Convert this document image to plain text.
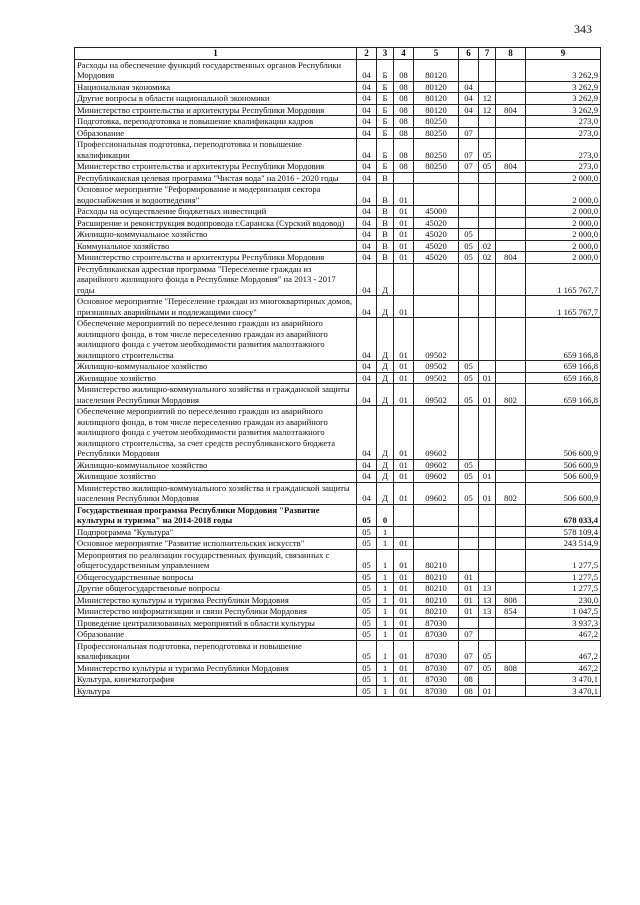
343
1	2	3	4	5	6	7	8	9
Расходы на обеспечение функций государственных органов Республики Мордовия	04	Б	08	80120				3 262,9
Национальная экономика	04	Б	08	80120	04			3 262,9
Другие вопросы в области национальной экономики	04	Б	08	80120	04	12		3 262,9
Министерство строительства и архитектуры Республики Мордовия	04	Б	08	80120	04	12	804	3 262,9
Подготовка, переподготовка и повышение квалификации кадров	04	Б	08	80250				273,0
Образование	04	Б	08	80250	07			273,0
Профессиональная подготовка, переподготовка и повышение квалификации	04	Б	08	80250	07	05		273,0
Министерство строительства и архитектуры Республики Мордовия	04	Б	08	80250	07	05	804	273,0
Республиканская целевая программа "Чистая вода" на 2016 - 2020 годы	04	В						2 000,0
Основное мероприятие "Реформирование и модернизация сектора водоснабжения и водоотведения"	04	В	01					2 000,0
Расходы на осуществление бюджетных инвестиций	04	В	01	45000				2 000,0
Расширение и реконструкция водопровода г.Саранска (Сурский водовод)	04	В	01	45020				2 000,0
Жилищно-коммунальное хозяйство	04	В	01	45020	05			2 000,0
Коммунальное хозяйство	04	В	01	45020	05	02		2 000,0
Министерство строительства и архитектуры Республики Мордовия	04	В	01	45020	05	02	804	2 000,0
Республиканская адресная программа "Переселение граждан из аварийного жилищного фонда в Республике Мордовия" на 2013 - 2017 годы	04	Д						1 165 767,7
Основное мероприятие "Переселение граждан из многоквартирных домов, признанных аварийными и подлежащими сносу"	04	Д	01					1 165 767,7
Обеспечение мероприятий по переселению граждан из аварийного жилищного фонда, в том числе переселению граждан из аварийного жилищного фонда с учетом необходимости развития малоэтажного жилищного строительства	04	Д	01	09502				659 166,8
Жилищно-коммунальное хозяйство	04	Д	01	09502	05			659 166,8
Жилищное хозяйство	04	Д	01	09502	05	01		659 166,8
Министерство жилищно-коммунального хозяйства и гражданской защиты населения Республики Мордовия	04	Д	01	09502	05	01	802	659 166,8
Обеспечение мероприятий по переселению граждан из аварийного жилищного фонда, в том числе переселению граждан из аварийного жилищного фонда с учетом необходимости развития малоэтажного жилищного строительства, за счет средств республиканского бюджета Республики Мордовия	04	Д	01	09602				506 600,9
Жилищно-коммунальное хозяйство	04	Д	01	09602	05			506 600,9
Жилищное хозяйство	04	Д	01	09602	05	01		506 600,9
Министерство жилищно-коммунального хозяйства и гражданской защиты населения Республики Мордовия	04	Д	01	09602	05	01	802	506 600,9
Государственная программа Республики Мордовия "Развитие культуры и туризма" на 2014-2018 годы	05	0						678 033,4
Подпрограмма "Культура"	05	1						578 109,4
Основное мероприятие "Развитие исполнительских искусств"	05	1	01					243 514,9
Мероприятия по реализации государственных функций, связанных с общегосударственным управлением	05	1	01	80210				1 277,5
Общегосударственные вопросы	05	1	01	80210	01			1 277,5
Другие общегосударственные вопросы	05	1	01	80210	01	13		1 277,5
Министерство культуры и туризма Республики Мордовия	05	1	01	80210	01	13	808	230,0
Министерство информатизации и связи Республики Мордовия	05	1	01	80210	01	13	854	1 047,5
Проведение централизованных мероприятий в области культуры	05	1	01	87030				3 937,3
Образование	05	1	01	87030	07			467,2
Профессиональная подготовка, переподготовка и повышение квалификации	05	1	01	87030	07	05		467,2
Министерство культуры и туризма Республики Мордовия	05	1	01	87030	07	05	808	467,2
Культура, кинематография	05	1	01	87030	08			3 470,1
Культура	05	1	01	87030	08	01		3 470,1
